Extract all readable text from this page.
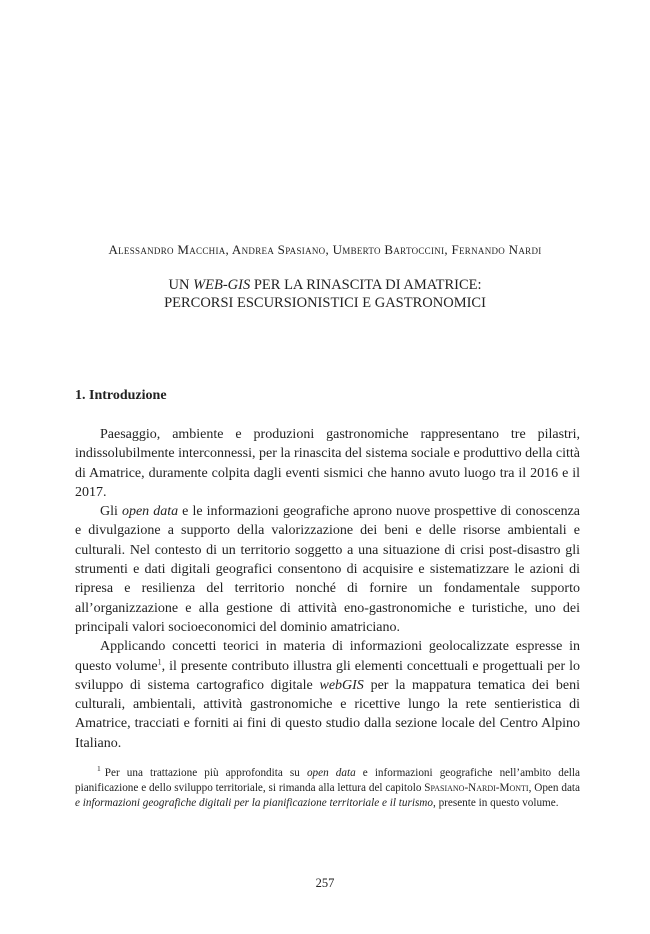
Alessandro Macchia, Andrea Spasiano, Umberto Bartoccini, Fernando Nardi
UN WEB-GIS PER LA RINASCITA DI AMATRICE:
PERCORSI ESCURSIONISTICI E GASTRONOMICI
1. Introduzione

Paesaggio, ambiente e produzioni gastronomiche rappresentano tre pilastri, indissolubilmente interconnessi, per la rinascita del sistema sociale e produttivo della città di Amatrice, duramente colpita dagli eventi sismici che hanno avuto luogo tra il 2016 e il 2017.

Gli open data e le informazioni geografiche aprono nuove prospettive di conoscenza e divulgazione a supporto della valorizzazione dei beni e delle risorse ambientali e culturali. Nel contesto di un territorio soggetto a una situazione di crisi post-disastro gli strumenti e dati digitali geografici consentono di acquisire e sistematizzare le azioni di ripresa e resilienza del territorio nonché di fornire un fondamentale supporto all’organizzazione e alla gestione di attività eno-gastronomiche e turistiche, uno dei principali valori socioeconomici del dominio amatriciano.

Applicando concetti teorici in materia di informazioni geolocalizzate espresse in questo volume$^1$, il presente contributo illustra gli elementi concettuali e progettuali per lo sviluppo di sistema cartografico digitale webGIS per la mappatura tematica dei beni culturali, ambientali, attività gastronomiche e ricettive lungo la rete sentieristica di Amatrice, tracciati e forniti ai fini di questo studio dalla sezione locale del Centro Alpino Italiano.

$^1$ Per una trattazione più approfondita su open data e informazioni geografiche nell’ambito della pianificazione e dello sviluppo territoriale, si rimanda alla lettura del capitolo Spasiano-Nardi-Monti, Open data e informazioni geografiche digitali per la pianificazione territoriale e il turismo, presente in questo volume.

257
